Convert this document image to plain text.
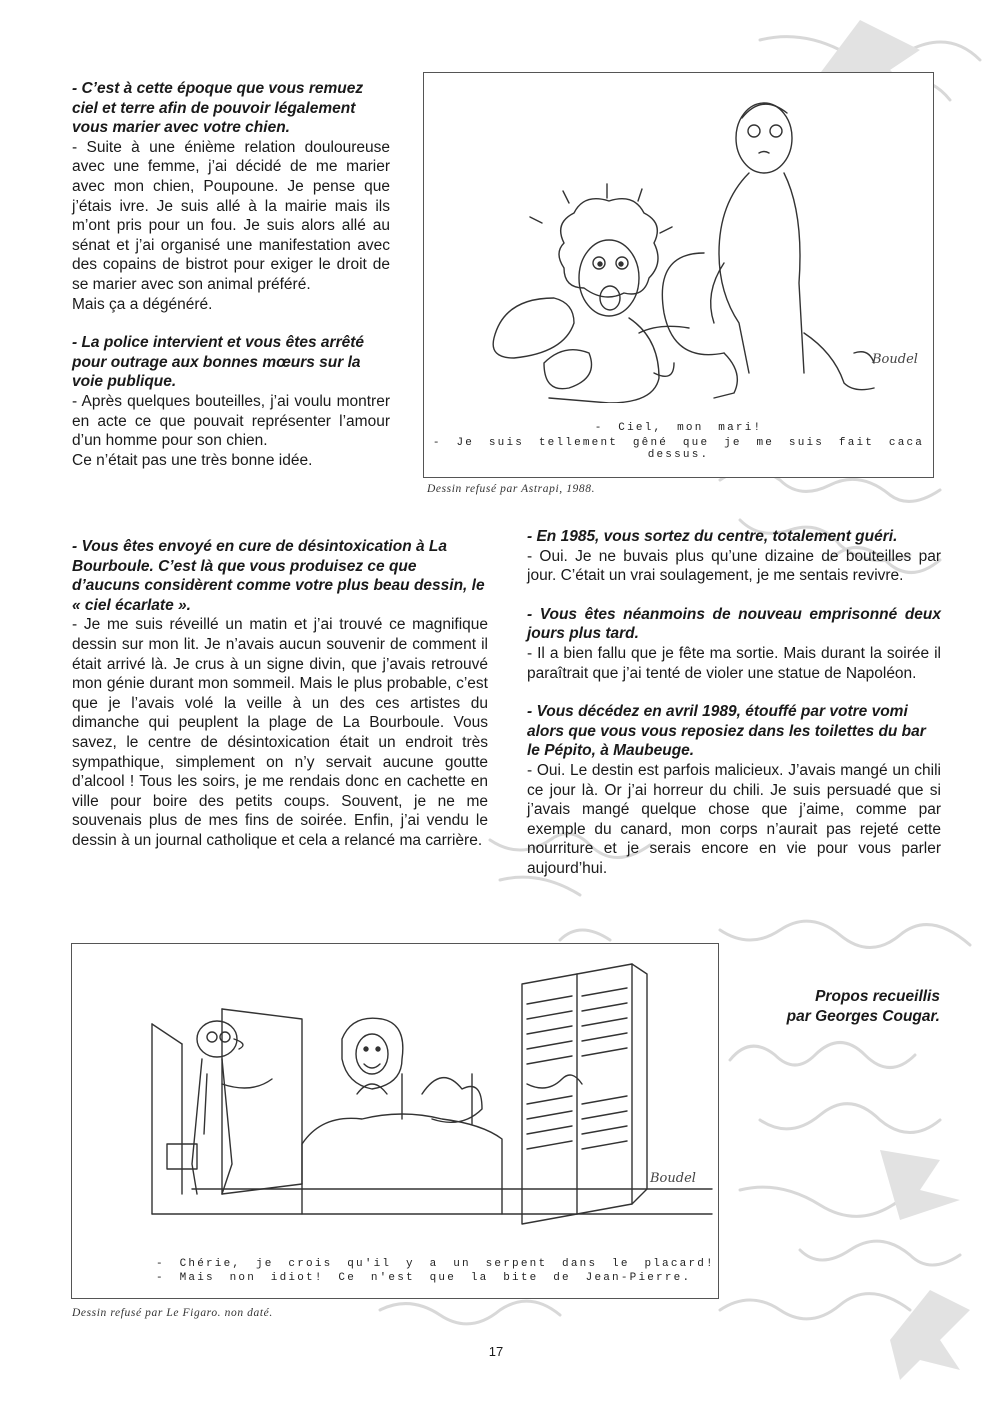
- C’est à cette époque que vous remuez ciel et terre afin de pouvoir légalement vous marier avec votre chien.

- Suite à une énième relation douloureuse avec une femme, j’ai décidé de me marier avec mon chien, Poupoune. Je pense que j’étais ivre. Je suis allé à la mairie mais ils m’ont pris pour un fou. Je suis alors allé au sénat et j’ai organisé une manifestation avec des copains de bistrot pour exiger le droit de se marier avec son animal préféré.

Mais ça a dégénéré.

- La police intervient et vous êtes arrêté pour outrage aux bonnes mœurs sur la voie publique.

- Après quelques bouteilles, j’ai voulu montrer en acte ce que pouvait représenter l’amour d’un homme pour son chien.

Ce n’était pas une très bonne idée.

Boudel
- Ciel, mon mari!
- Je suis tellement gêné que je me suis fait caca dessus.
Dessin refusé par Astrapi, 1988.

- Vous êtes envoyé en cure de désintoxication à La Bourboule. C’est là que vous produisez ce que d’aucuns considèrent comme votre plus beau dessin, le « ciel écarlate ».

- Je me suis réveillé un matin et j’ai trouvé ce magnifique dessin sur mon lit. Je n’avais aucun souvenir de comment il était arrivé là. Je crus à un signe divin, que j’avais retrouvé mon génie durant mon sommeil. Mais le plus probable, c’est que je l’avais volé la veille à un des ces artistes du dimanche qui peuplent la plage de La Bourboule. Vous savez, le centre de désintoxication était un endroit très sympathique, simplement on n’y servait aucune goutte d’alcool ! Tous les soirs, je me rendais donc en cachette en ville pour boire des petits coups. Souvent, je ne me souvenais plus de mes fins de soirée. Enfin, j’ai vendu le dessin à un journal catholique et cela a relancé ma carrière.

- En 1985, vous sortez du centre, totalement guéri.

- Oui. Je ne buvais plus qu’une dizaine de bouteilles par jour. C’était un vrai soulagement, je me sentais revivre.

- Vous êtes néanmoins de nouveau emprisonné deux jours plus tard.

- Il a bien fallu que je fête ma sortie. Mais durant la soirée il paraîtrait que j’ai tenté de violer une statue de Napoléon.

- Vous décédez en avril 1989, étouffé par votre vomi alors que vous vous reposiez dans les toilettes du bar le Pépito, à Maubeuge.

- Oui. Le destin est parfois malicieux. J’avais mangé un chili ce jour là. Or j’ai horreur du chili. Je suis persuadé que si j’avais mangé quelque chose que j’aime, comme par exemple du canard, mon corps n’aurait pas rejeté cette nourriture et je serais encore en vie pour vous parler aujourd’hui.

Boudel
- Chérie, je crois qu'il y a un serpent dans le placard!
- Mais non idiot! Ce n'est que la bite de Jean-Pierre.
Dessin refusé par Le Figaro. non daté.
Propos recueillis
par Georges Cougar.
17
